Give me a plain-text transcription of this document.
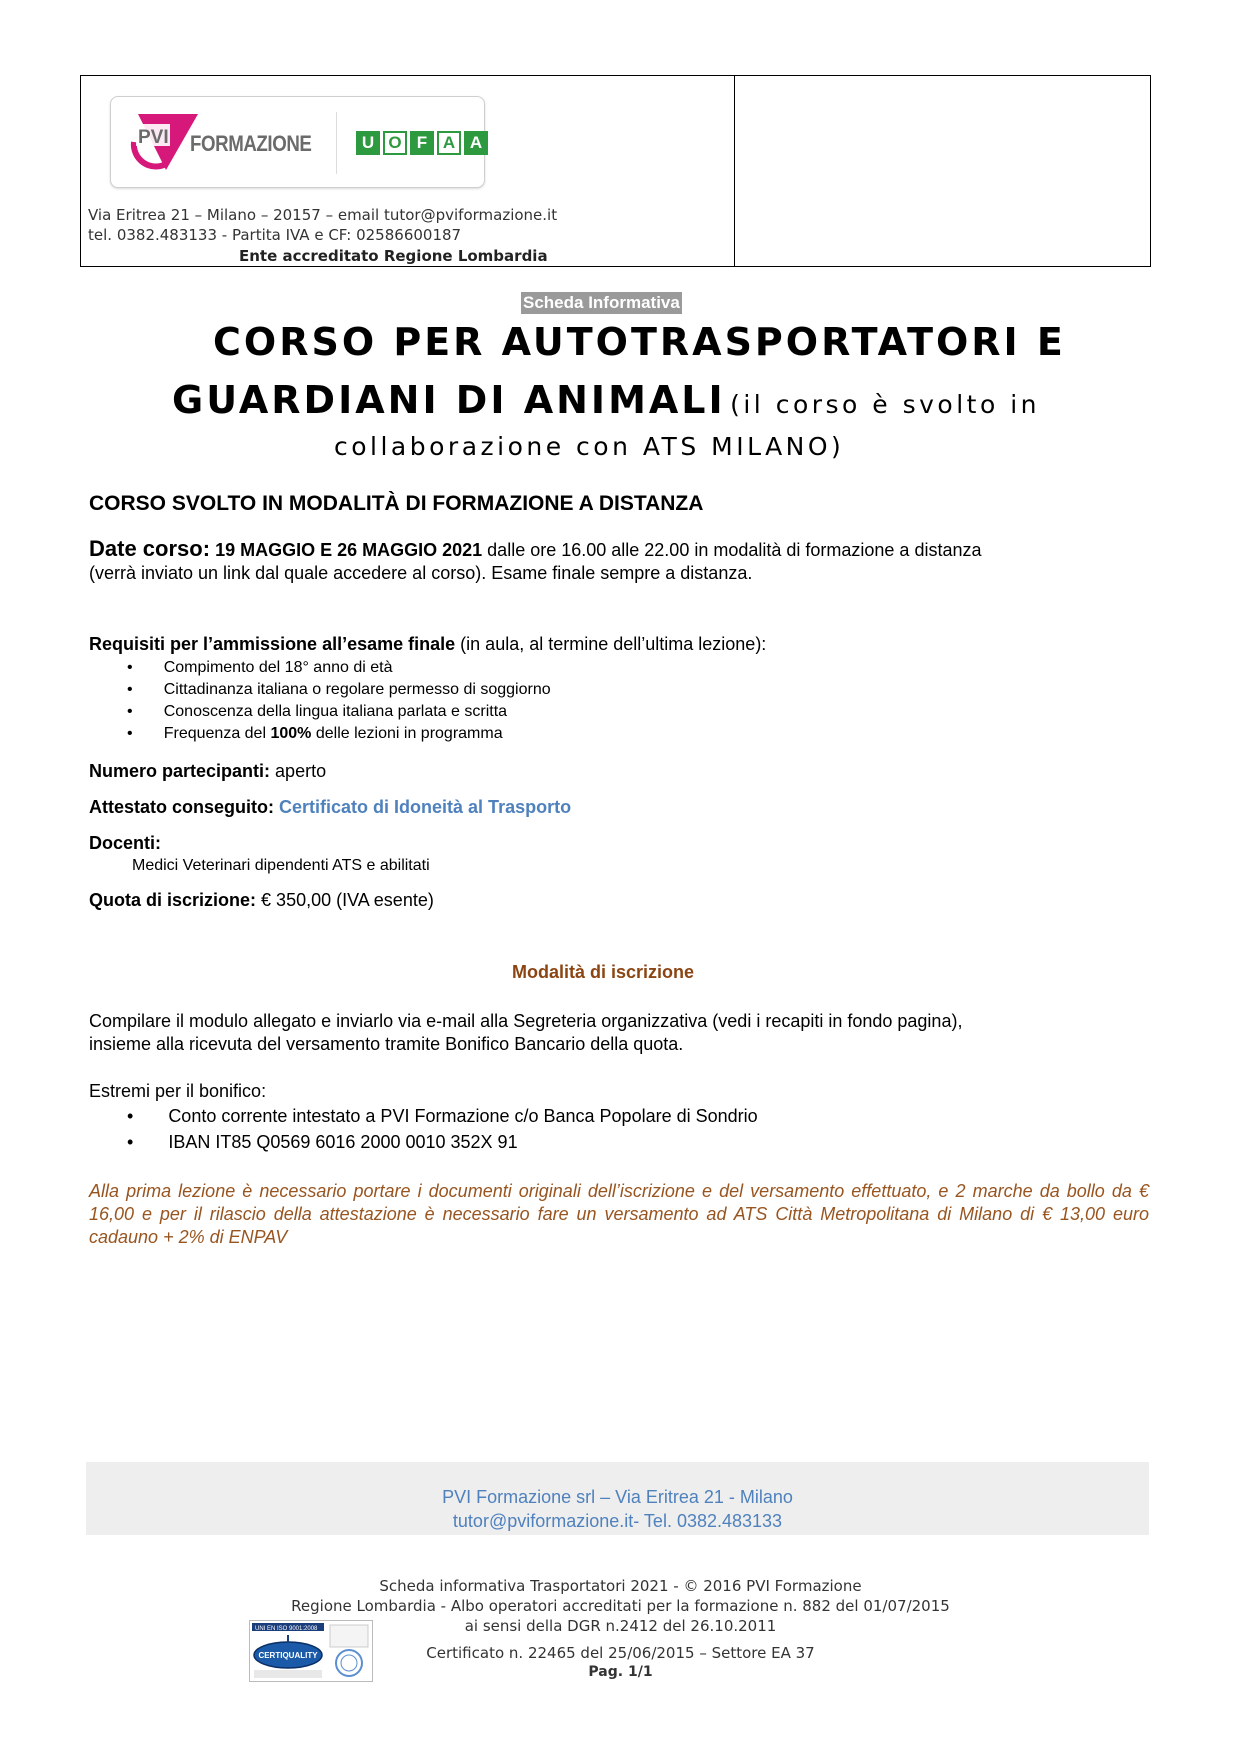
PVI FORMAZIONE	U O F A A
Via Eritrea 21 – Milano – 20157 – email tutor@pviformazione.it
tel. 0382.483133 - Partita IVA e CF: 02586600187
Ente accreditato Regione Lombardia
Scheda Informativa
CORSO PER AUTOTRASPORTATORI E
GUARDIANI DI ANIMALI (il corso è svolto in
collaborazione con ATS MILANO)
CORSO SVOLTO IN MODALITÀ DI FORMAZIONE A DISTANZA
Date corso: 19 MAGGIO E 26 MAGGIO 2021 dalle ore 16.00 alle 22.00 in modalità di formazione a distanza
(verrà inviato un link dal quale accedere al corso). Esame finale sempre a distanza.
Requisiti per l’ammissione all’esame finale (in aula, al termine dell’ultima lezione):
•       Compimento del 18° anno di età
•       Cittadinanza italiana o regolare permesso di soggiorno
•       Conoscenza della lingua italiana parlata e scritta
•       Frequenza del 100% delle lezioni in programma
Numero partecipanti: aperto
Attestato conseguito: Certificato di Idoneità al Trasporto
Docenti:
Medici Veterinari dipendenti ATS e abilitati
Quota di iscrizione: € 350,00 (IVA esente)
Modalità di iscrizione
Compilare il modulo allegato e inviarlo via e-mail alla Segreteria organizzativa (vedi i recapiti in fondo pagina),
insieme alla ricevuta del versamento tramite Bonifico Bancario della quota.
Estremi per il bonifico:
•       Conto corrente intestato a PVI Formazione c/o Banca Popolare di Sondrio
•       IBAN IT85 Q0569 6016 2000 0010 352X 91
Alla prima lezione è necessario portare i documenti originali dell’iscrizione e del versamento effettuato, e 2 marche da bollo da € 16,00 e per il rilascio della attestazione è necessario fare un versamento ad ATS Città Metropolitana di Milano di € 13,00 euro cadauno + 2% di ENPAV
PVI Formazione srl – Via Eritrea 21 - Milano
tutor@pviformazione.it- Tel. 0382.483133
Scheda informativa Trasportatori 2021 - © 2016 PVI Formazione
Regione Lombardia - Albo operatori accreditati per la formazione n. 882 del 01/07/2015
ai sensi della DGR n.2412 del 26.10.2011
Certificato n. 22465 del 25/06/2015 – Settore EA 37
Pag. 1/1
UNI EN ISO 9001:2008
CERTIQUALITY
